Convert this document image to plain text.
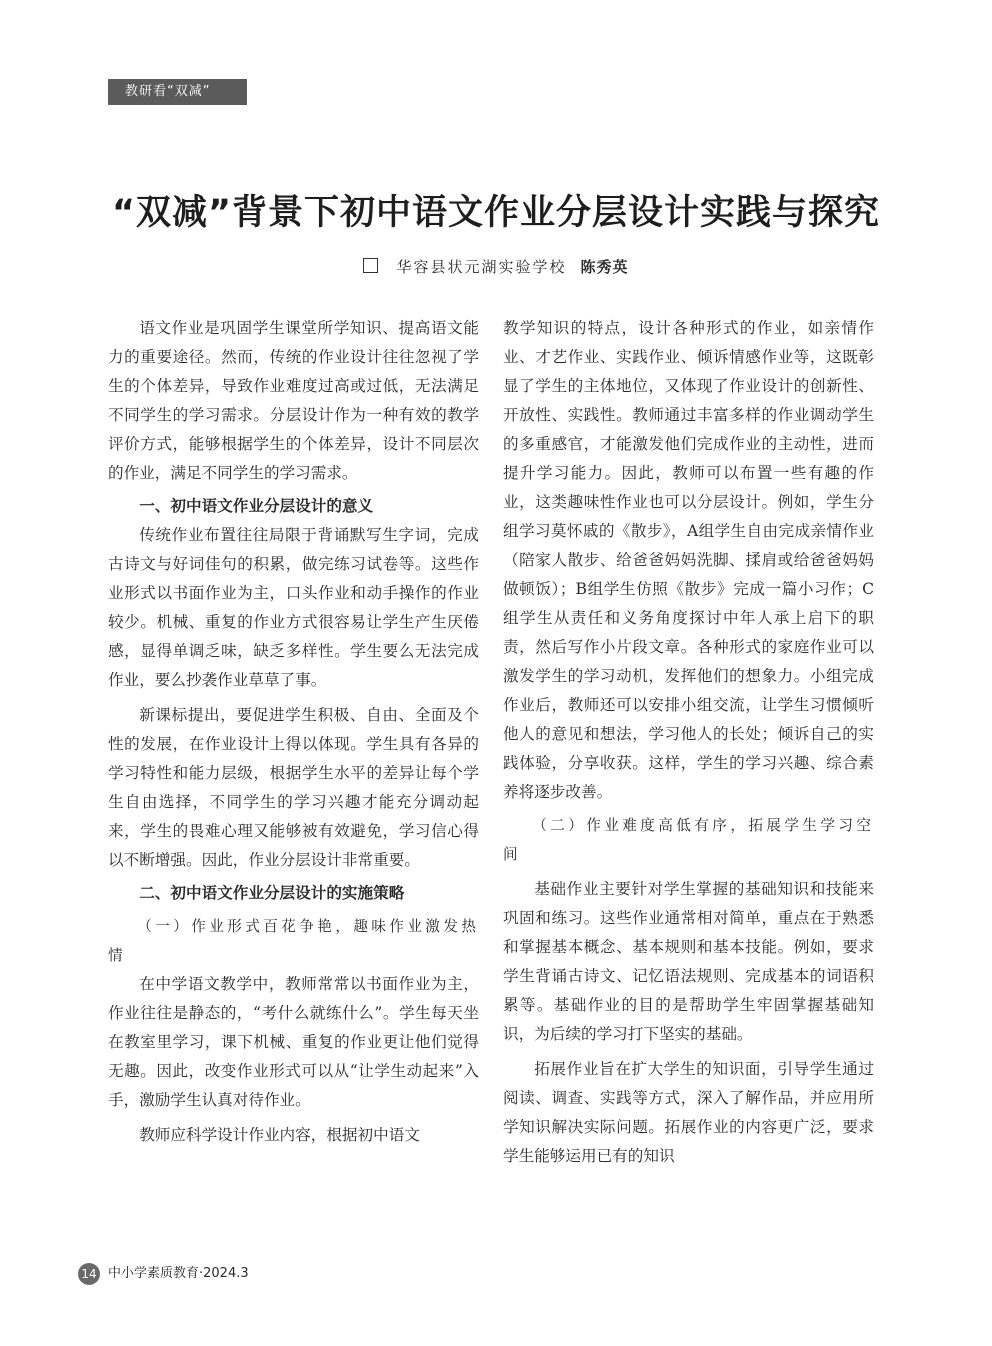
教研看“双减”
“双减”背景下初中语文作业分层设计实践与探究
华容县状元湖实验学校 陈秀英

语文作业是巩固学生课堂所学知识、提高语文能力的重要途径。然而，传统的作业设计往往忽视了学生的个体差异，导致作业难度过高或过低，无法满足不同学生的学习需求。分层设计作为一种有效的教学评价方式，能够根据学生的个体差异，设计不同层次的作业，满足不同学生的学习需求。

一、初中语文作业分层设计的意义

传统作业布置往往局限于背诵默写生字词，完成古诗文与好词佳句的积累，做完练习试卷等。这些作业形式以书面作业为主，口头作业和动手操作的作业较少。机械、重复的作业方式很容易让学生产生厌倦感，显得单调乏味，缺乏多样性。学生要么无法完成作业，要么抄袭作业草草了事。

新课标提出，要促进学生积极、自由、全面及个性的发展，在作业设计上得以体现。学生具有各异的学习特性和能力层级，根据学生水平的差异让每个学生自由选择，不同学生的学习兴趣才能充分调动起来，学生的畏难心理又能够被有效避免，学习信心得以不断增强。因此，作业分层设计非常重要。

二、初中语文作业分层设计的实施策略
（一）作业形式百花争艳，趣味作业激发热情

在中学语文教学中，教师常常以书面作业为主，作业往往是静态的，“考什么就练什么”。学生每天坐在教室里学习，课下机械、重复的作业更让他们觉得无趣。因此，改变作业形式可以从“让学生动起来”入手，激励学生认真对待作业。

教师应科学设计作业内容，根据初中语文

教学知识的特点，设计各种形式的作业，如亲情作业、才艺作业、实践作业、倾诉情感作业等，这既彰显了学生的主体地位，又体现了作业设计的创新性、开放性、实践性。教师通过丰富多样的作业调动学生的多重感官，才能激发他们完成作业的主动性，进而提升学习能力。因此，教师可以布置一些有趣的作业，这类趣味性作业也可以分层设计。例如，学生分组学习莫怀戚的《散步》，A组学生自由完成亲情作业（陪家人散步、给爸爸妈妈洗脚、揉肩或给爸爸妈妈做顿饭）；B组学生仿照《散步》完成一篇小习作；C组学生从责任和义务角度探讨中年人承上启下的职责，然后写作小片段文章。各种形式的家庭作业可以激发学生的学习动机，发挥他们的想象力。小组完成作业后，教师还可以安排小组交流，让学生习惯倾听他人的意见和想法，学习他人的长处；倾诉自己的实践体验，分享收获。这样，学生的学习兴趣、综合素养将逐步改善。

（二）作业难度高低有序，拓展学生学习空间

基础作业主要针对学生掌握的基础知识和技能来巩固和练习。这些作业通常相对简单，重点在于熟悉和掌握基本概念、基本规则和基本技能。例如，要求学生背诵古诗文、记忆语法规则、完成基本的词语积累等。基础作业的目的是帮助学生牢固掌握基础知识，为后续的学习打下坚实的基础。

拓展作业旨在扩大学生的知识面，引导学生通过阅读、调查、实践等方式，深入了解作品，并应用所学知识解决实际问题。拓展作业的内容更广泛，要求学生能够运用已有的知识

14 中小学素质教育·2024.3
